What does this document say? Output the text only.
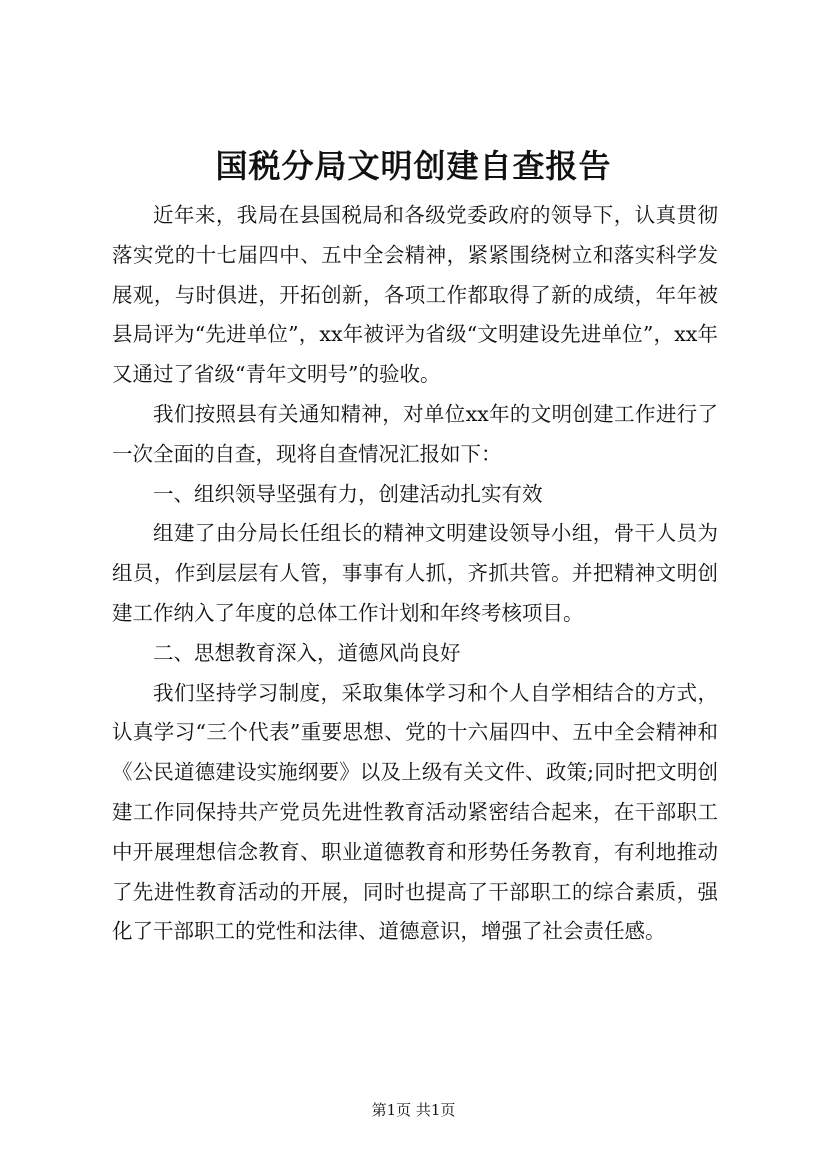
国税分局文明创建自查报告

近年来，我局在县国税局和各级党委政府的领导下，认真贯彻落实党的十七届四中、五中全会精神，紧紧围绕树立和落实科学发展观，与时俱进，开拓创新，各项工作都取得了新的成绩，年年被县局评为“先进单位”，xx年被评为省级“文明建设先进单位”，xx年又通过了省级“青年文明号”的验收。

我们按照县有关通知精神，对单位xx年的文明创建工作进行了一次全面的自查，现将自查情况汇报如下：

一、组织领导坚强有力，创建活动扎实有效

组建了由分局长任组长的精神文明建设领导小组，骨干人员为组员，作到层层有人管，事事有人抓，齐抓共管。并把精神文明创建工作纳入了年度的总体工作计划和年终考核项目。

二、思想教育深入，道德风尚良好

我们坚持学习制度，采取集体学习和个人自学相结合的方式，认真学习“三个代表”重要思想、党的十六届四中、五中全会精神和《公民道德建设实施纲要》以及上级有关文件、政策;同时把文明创建工作同保持共产党员先进性教育活动紧密结合起来，在干部职工中开展理想信念教育、职业道德教育和形势任务教育，有利地推动了先进性教育活动的开展，同时也提高了干部职工的综合素质，强化了干部职工的党性和法律、道德意识，增强了社会责任感。

第1页 共1页
